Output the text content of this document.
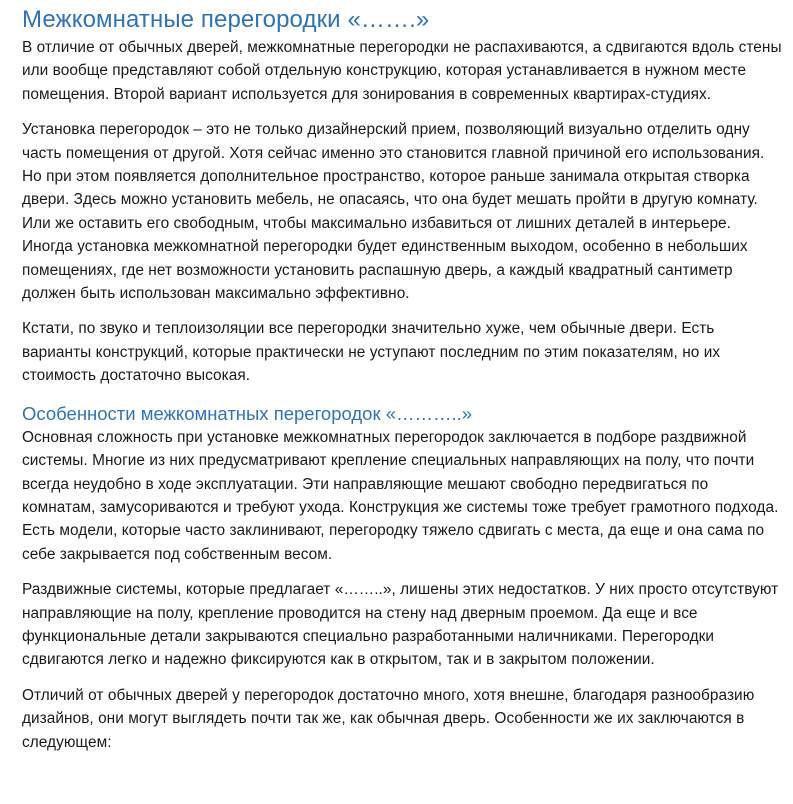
Межкомнатные перегородки «…….»

В отличие от обычных дверей, межкомнатные перегородки не распахиваются, а сдвигаются вдоль стены или вообще представляют собой отдельную конструкцию, которая устанавливается в нужном месте помещения. Второй вариант используется для зонирования в современных квартирах-студиях.

Установка перегородок – это не только дизайнерский прием, позволяющий визуально отделить одну часть помещения от другой. Хотя сейчас именно это становится главной причиной его использования. Но при этом появляется дополнительное пространство, которое раньше занимала открытая створка двери. Здесь можно установить мебель, не опасаясь, что она будет мешать пройти в другую комнату. Или же оставить его свободным, чтобы максимально избавиться от лишних деталей в интерьере. Иногда установка межкомнатной перегородки будет единственным выходом, особенно в небольших помещениях, где нет возможности установить распашную дверь, а каждый квадратный сантиметр должен быть использован максимально эффективно.

Кстати, по звуко и теплоизоляции все перегородки значительно хуже, чем обычные двери. Есть варианты конструкций, которые практически не уступают последним по этим показателям, но их стоимость достаточно высокая.

Особенности межкомнатных перегородок «………..»

Основная сложность при установке межкомнатных перегородок заключается в подборе раздвижной системы. Многие из них предусматривают крепление специальных направляющих на полу, что почти всегда неудобно в ходе эксплуатации. Эти направляющие мешают свободно передвигаться по комнатам, замусориваются и требуют ухода. Конструкция же системы тоже требует грамотного подхода. Есть модели, которые часто заклинивают, перегородку тяжело сдвигать с места, да еще и она сама по себе закрывается под собственным весом.

Раздвижные системы, которые предлагает «……..», лишены этих недостатков. У них просто отсутствуют направляющие на полу, крепление проводится на стену над дверным проемом. Да еще и все функциональные детали закрываются специально разработанными наличниками. Перегородки сдвигаются легко и надежно фиксируются как в открытом, так и в закрытом положении.

Отличий от обычных дверей у перегородок достаточно много, хотя внешне, благодаря разнообразию дизайнов, они могут выглядеть почти так же, как обычная дверь. Особенности же их заключаются в следующем:
